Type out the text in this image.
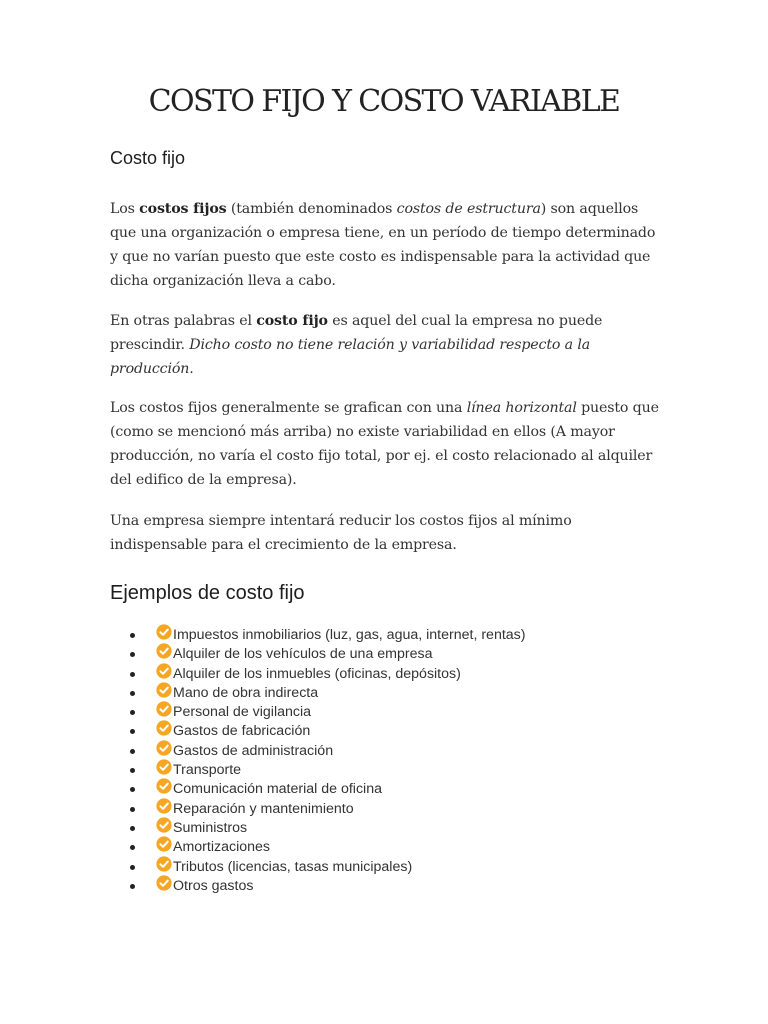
COSTO FIJO Y COSTO VARIABLE
Costo fijo

Los costos fijos (también denominados costos de estructura) son aquellos que una organización o empresa tiene, en un período de tiempo determinado y que no varían puesto que este costo es indispensable para la actividad que dicha organización lleva a cabo.

En otras palabras el costo fijo es aquel del cual la empresa no puede prescindir. Dicho costo no tiene relación y variabilidad respecto a la producción.

Los costos fijos generalmente se grafican con una línea horizontal puesto que (como se mencionó más arriba) no existe variabilidad en ellos (A mayor producción, no varía el costo fijo total, por ej. el costo relacionado al alquiler del edifico de la empresa).

Una empresa siempre intentará reducir los costos fijos al mínimo indispensable para el crecimiento de la empresa.

Ejemplos de costo fijo
Impuestos inmobiliarios (luz, gas, agua, internet, rentas)
Alquiler de los vehículos de una empresa
Alquiler de los inmuebles (oficinas, depósitos)
Mano de obra indirecta
Personal de vigilancia
Gastos de fabricación
Gastos de administración
Transporte
Comunicación material de oficina
Reparación y mantenimiento
Suministros
Amortizaciones
Tributos (licencias, tasas municipales)
Otros gastos
